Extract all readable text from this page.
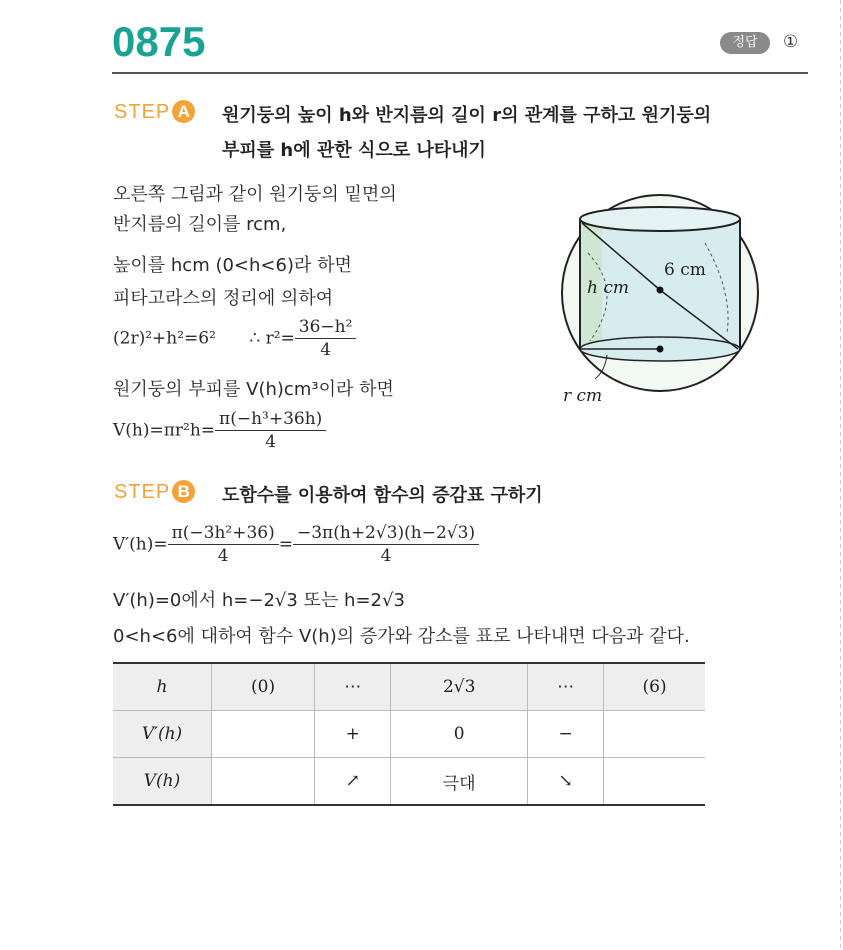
0875	정답	①
STEP A 원기둥의 높이 h와 반지름의 길이 r의 관계를 구하고 원기둥의
부피를 h에 관한 식으로 나타내기
오른쪽 그림과 같이 원기둥의 밑면의
반지름의 길이를 rcm,
높이를 hcm (0<h<6)라 하면
피타고라스의 정리에 의하여
(2r)²+h²=6² ∴ $r^2= \frac{\text{36−h²}}{4}$
원기둥의 부피를 V(h)cm³이라 하면
$V(h)=\pi r^2h= \frac{\text{π(−h³+36h)}}{4}$
6 cm
h cm
r cm
STEP B 도함수를 이용하여 함수의 증감표 구하기
$V'(h)= \frac{\text{π(−3h²+36)}}{4} = \frac{-3\pi(h+2√3)(h-2√3)}{4}$
V′(h)=0에서 h=−2√3 또는 h=2√3
0<h<6에 대하여 함수 V(h)의 증가와 감소를 표로 나타내면 다음과 같다.
h	(0)	⋯	2√3	⋯	(6)
V′(h)		+	0	−	
V(h)		↗	극대	↘	
